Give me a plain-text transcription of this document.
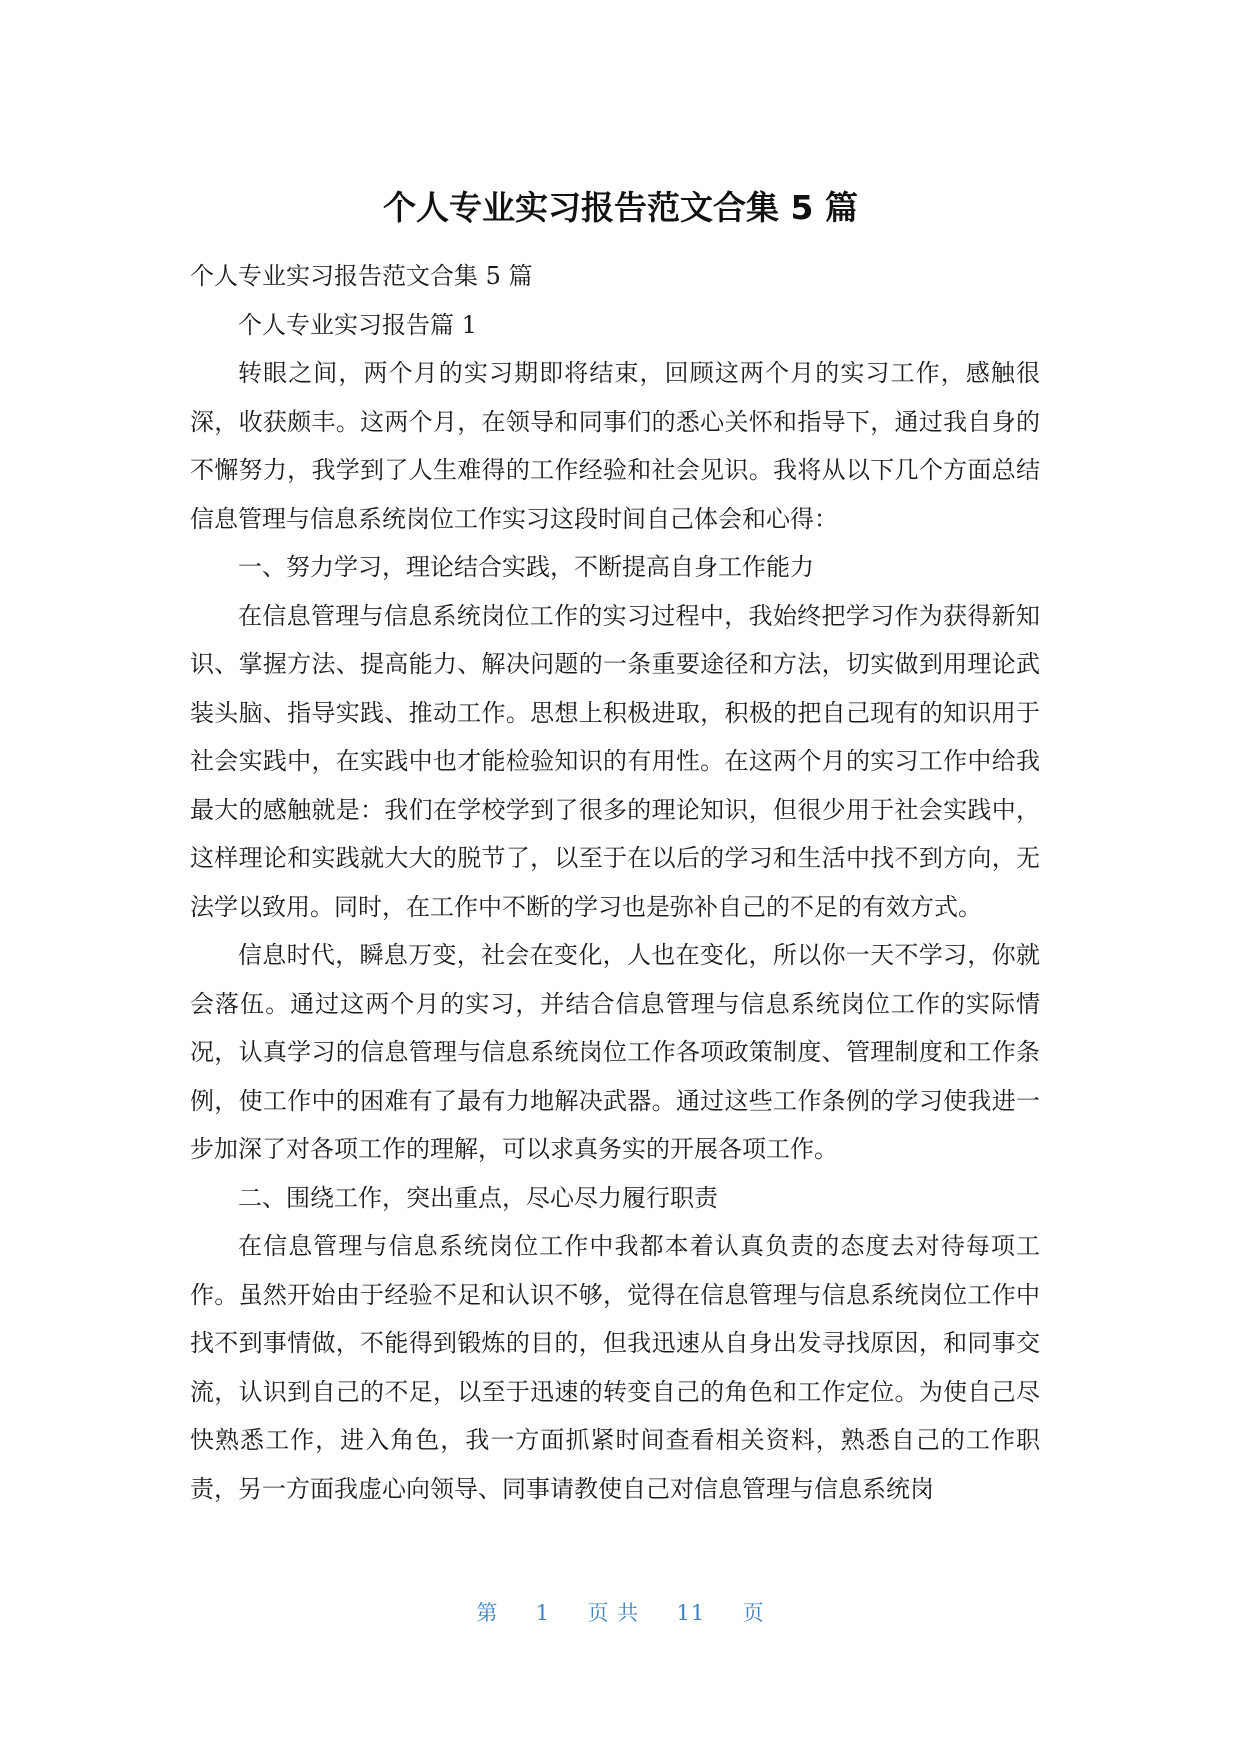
个人专业实习报告范文合集 5 篇

个人专业实习报告范文合集 5 篇

个人专业实习报告篇 1

转眼之间，两个月的实习期即将结束，回顾这两个月的实习工作，感触很深，收获颇丰。这两个月，在领导和同事们的悉心关怀和指导下，通过我自身的不懈努力，我学到了人生难得的工作经验和社会见识。我将从以下几个方面总结信息管理与信息系统岗位工作实习这段时间自己体会和心得：

一、努力学习，理论结合实践，不断提高自身工作能力

在信息管理与信息系统岗位工作的实习过程中，我始终把学习作为获得新知识、掌握方法、提高能力、解决问题的一条重要途径和方法，切实做到用理论武装头脑、指导实践、推动工作。思想上积极进取，积极的把自己现有的知识用于社会实践中，在实践中也才能检验知识的有用性。在这两个月的实习工作中给我最大的感触就是：我们在学校学到了很多的理论知识，但很少用于社会实践中，这样理论和实践就大大的脱节了，以至于在以后的学习和生活中找不到方向，无法学以致用。同时，在工作中不断的学习也是弥补自己的不足的有效方式。

信息时代，瞬息万变，社会在变化，人也在变化，所以你一天不学习，你就会落伍。通过这两个月的实习，并结合信息管理与信息系统岗位工作的实际情况，认真学习的信息管理与信息系统岗位工作各项政策制度、管理制度和工作条例，使工作中的困难有了最有力地解决武器。通过这些工作条例的学习使我进一步加深了对各项工作的理解，可以求真务实的开展各项工作。

二、围绕工作，突出重点，尽心尽力履行职责

在信息管理与信息系统岗位工作中我都本着认真负责的态度去对待每项工作。虽然开始由于经验不足和认识不够，觉得在信息管理与信息系统岗位工作中找不到事情做，不能得到锻炼的目的，但我迅速从自身出发寻找原因，和同事交流，认识到自己的不足，以至于迅速的转变自己的角色和工作定位。为使自己尽快熟悉工作，进入角色，我一方面抓紧时间查看相关资料，熟悉自己的工作职责，另一方面我虚心向领导、同事请教使自己对信息管理与信息系统岗

第 1 页 共 11 页
